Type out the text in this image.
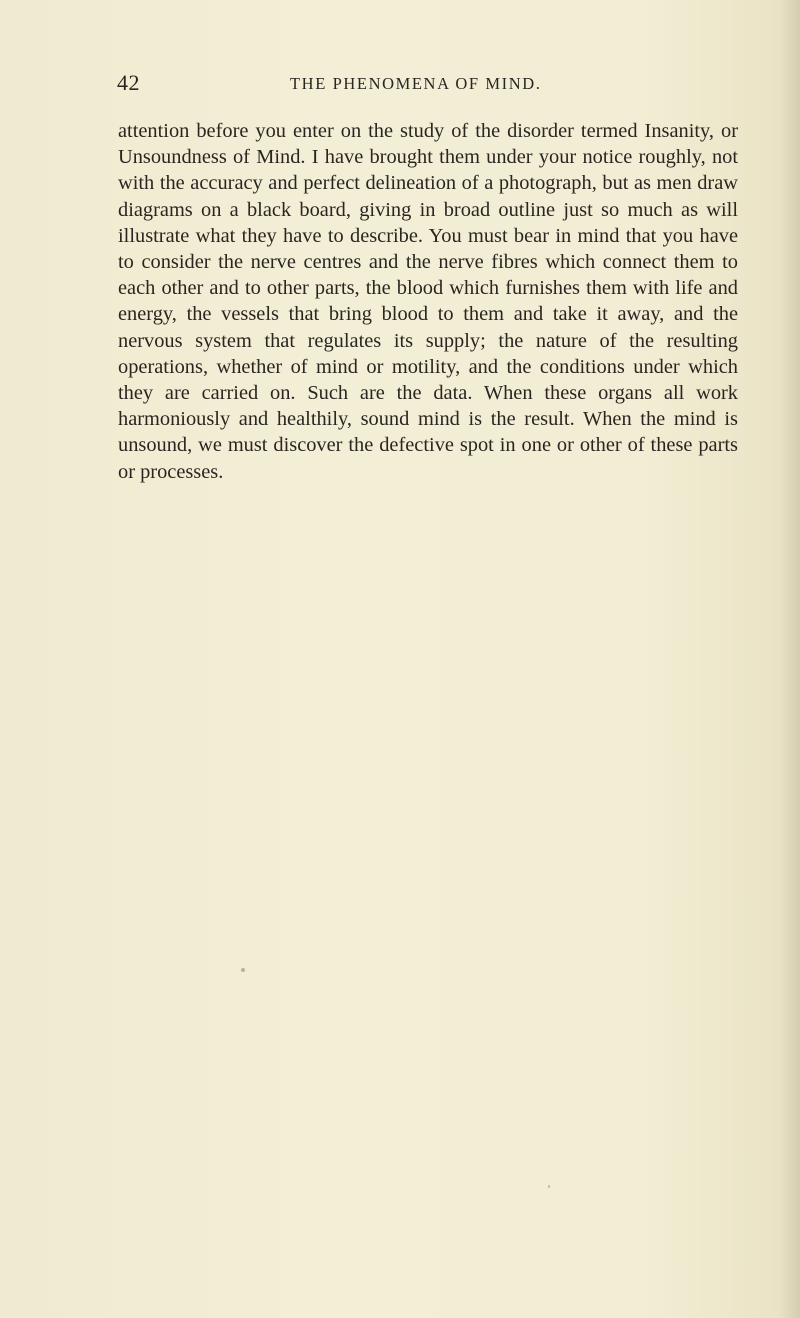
42	THE PHENOMENA OF MIND.

attention before you enter on the study of the disorder termed Insanity, or Unsoundness of Mind. I have brought them under your notice roughly, not with the accuracy and perfect delineation of a photograph, but as men draw diagrams on a black board, giving in broad outline just so much as will illustrate what they have to describe. You must bear in mind that you have to consider the nerve centres and the nerve fibres which connect them to each other and to other parts, the blood which furnishes them with life and energy, the vessels that bring blood to them and take it away, and the nervous system that regulates its supply; the nature of the resulting operations, whether of mind or motility, and the conditions under which they are carried on. Such are the data. When these organs all work harmoniously and healthily, sound mind is the result. When the mind is unsound, we must discover the defective spot in one or other of these parts or processes.
